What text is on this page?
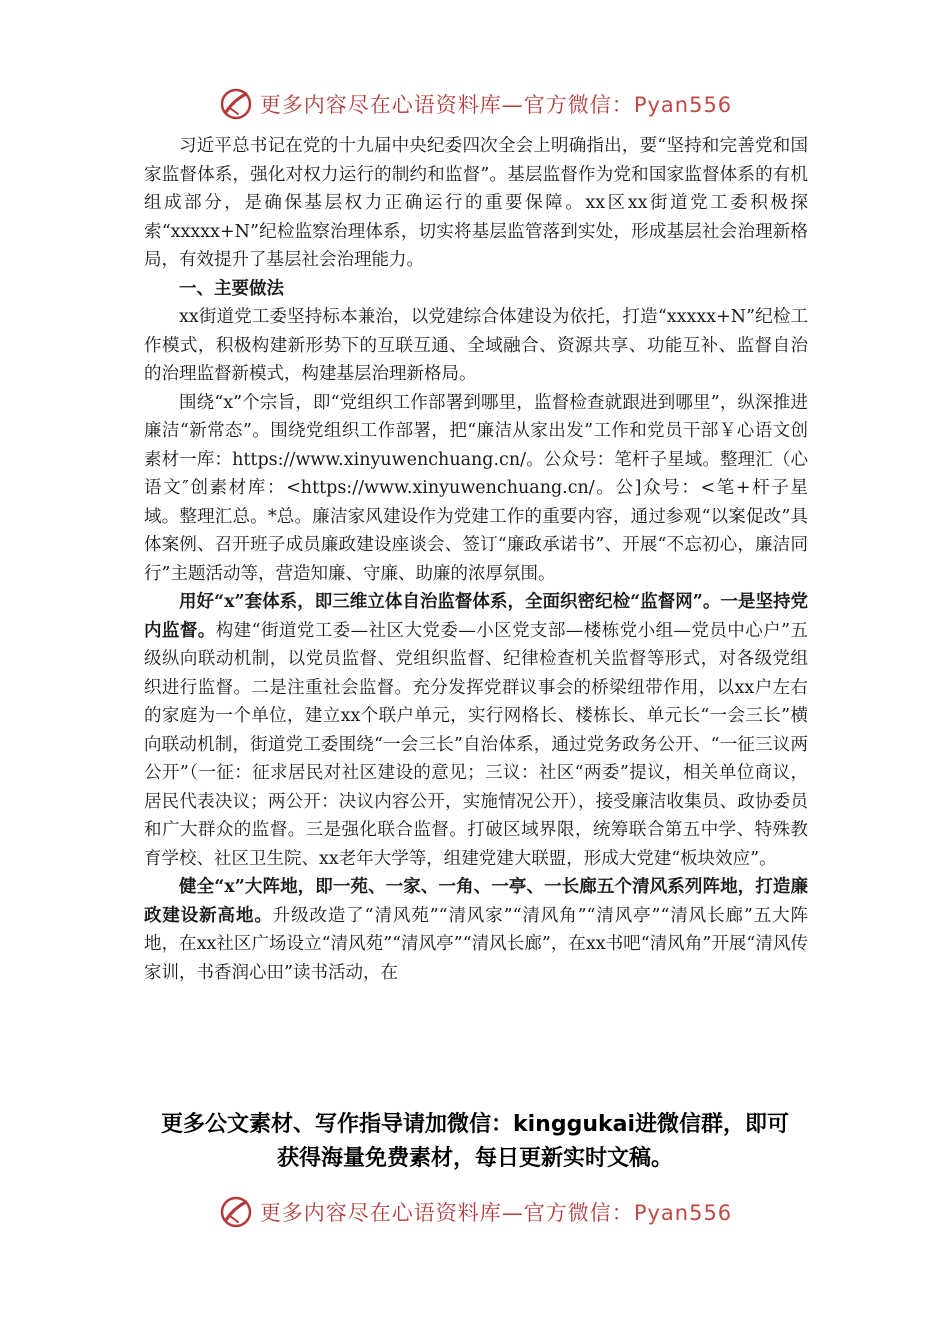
更多内容尽在心语资料库—官方微信：Pyan556

习近平总书记在党的十九届中央纪委四次全会上明确指出，要“坚持和完善党和国家监督体系，强化对权力运行的制约和监督”。基层监督作为党和国家监督体系的有机组成部分，是确保基层权力正确运行的重要保障。xx区xx街道党工委积极探索“xxxxx+N”纪检监察治理体系，切实将基层监管落到实处，形成基层社会治理新格局，有效提升了基层社会治理能力。

一、主要做法

xx街道党工委坚持标本兼治，以党建综合体建设为依托，打造“xxxxx+N”纪检工作模式，积极构建新形势下的互联互通、全域融合、资源共享、功能互补、监督自治的治理监督新模式，构建基层治理新格局。

围绕“x”个宗旨，即“党组织工作部署到哪里，监督检查就跟进到哪里”，纵深推进廉洁“新常态”。围绕党组织工作部署，把“廉洁从家出发”工作和党员干部￥心语文创素材一库：https://www.xinyuwenchuang.cn/。公众号：笔杆子星域。整理汇（心语文″创素材库：<https://www.xinyuwenchuang.cn/。公]众号：<笔+杆子星域。整理汇总。*总。廉洁家风建设作为党建工作的重要内容，通过参观“以案促改”具体案例、召开班子成员廉政建设座谈会、签订“廉政承诺书”、开展“不忘初心，廉洁同行”主题活动等，营造知廉、守廉、助廉的浓厚氛围。

用好“x”套体系，即三维立体自治监督体系，全面织密纪检“监督网”。一是坚持党内监督。构建“街道党工委—社区大党委—小区党支部—楼栋党小组—党员中心户”五级纵向联动机制，以党员监督、党组织监督、纪律检查机关监督等形式，对各级党组织进行监督。二是注重社会监督。充分发挥党群议事会的桥梁纽带作用，以xx户左右的家庭为一个单位，建立xx个联户单元，实行网格长、楼栋长、单元长“一会三长”横向联动机制，街道党工委围绕“一会三长”自治体系，通过党务政务公开、“一征三议两公开”（一征：征求居民对社区建设的意见；三议：社区“两委”提议，相关单位商议，居民代表决议；两公开：决议内容公开，实施情况公开），接受廉洁收集员、政协委员和广大群众的监督。三是强化联合监督。打破区域界限，统筹联合第五中学、特殊教育学校、社区卫生院、xx老年大学等，组建党建大联盟，形成大党建“板块效应”。

健全“x”大阵地，即一苑、一家、一角、一亭、一长廊五个清风系列阵地，打造廉政建设新高地。升级改造了“清风苑”“清风家”“清风角”“清风亭”“清风长廊”五大阵地，在xx社区广场设立“清风苑”“清风亭”“清风长廊”，在xx书吧“清风角”开展“清风传家训，书香润心田”读书活动，在

更多公文素材、写作指导请加微信：kinggukai进微信群，即可
获得海量免费素材，每日更新实时文稿。
更多内容尽在心语资料库—官方微信：Pyan556
